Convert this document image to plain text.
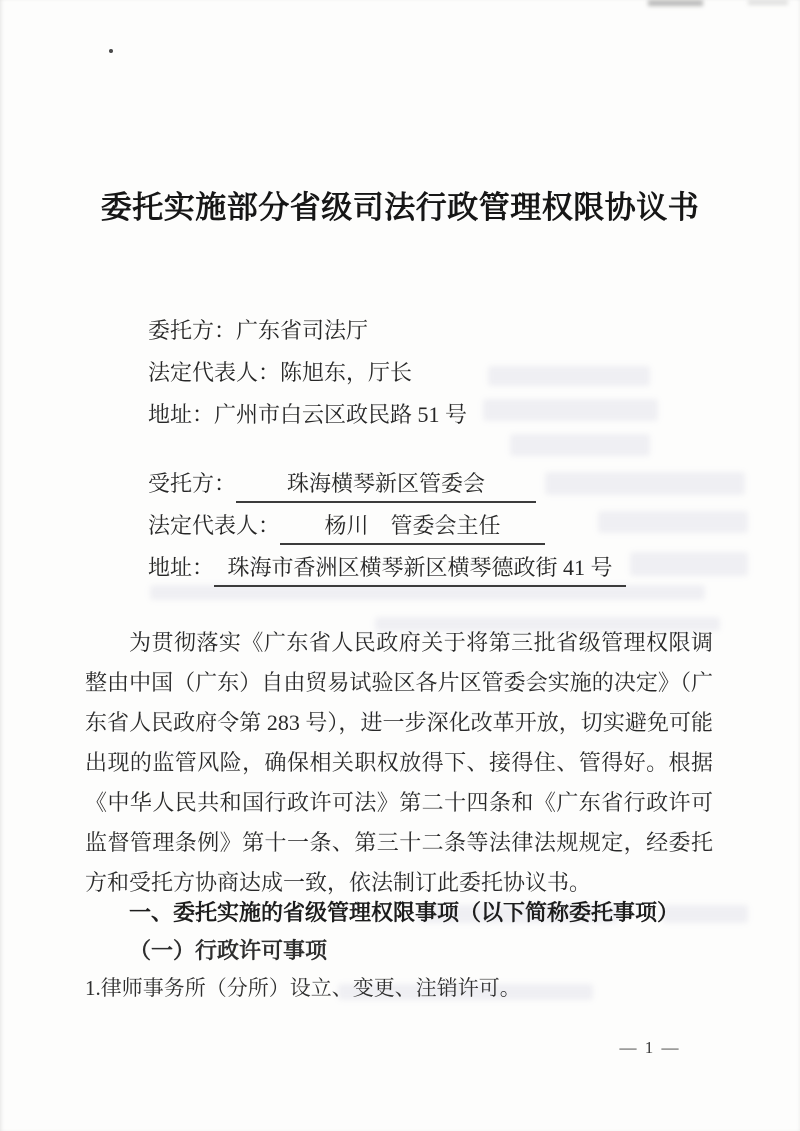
委托实施部分省级司法行政管理权限协议书
委托方：广东省司法厅
法定代表人：陈旭东，厅长
地址：广州市白云区政民路 51 号
受托方： 珠海横琴新区管委会
法定代表人： 杨川　管委会主任
地址： 珠海市香洲区横琴新区横琴德政街 41 号

为贯彻落实《广东省人民政府关于将第三批省级管理权限调整由中国（广东）自由贸易试验区各片区管委会实施的决定》（广东省人民政府令第 283 号），进一步深化改革开放，切实避免可能出现的监管风险，确保相关职权放得下、接得住、管得好。根据《中华人民共和国行政许可法》第二十四条和《广东省行政许可监督管理条例》第十一条、第三十二条等法律法规规定，经委托方和受托方协商达成一致，依法制订此委托协议书。

一、委托实施的省级管理权限事项（以下简称委托事项）
（一）行政许可事项

1.律师事务所（分所）设立、变更、注销许可。

— 1 —
